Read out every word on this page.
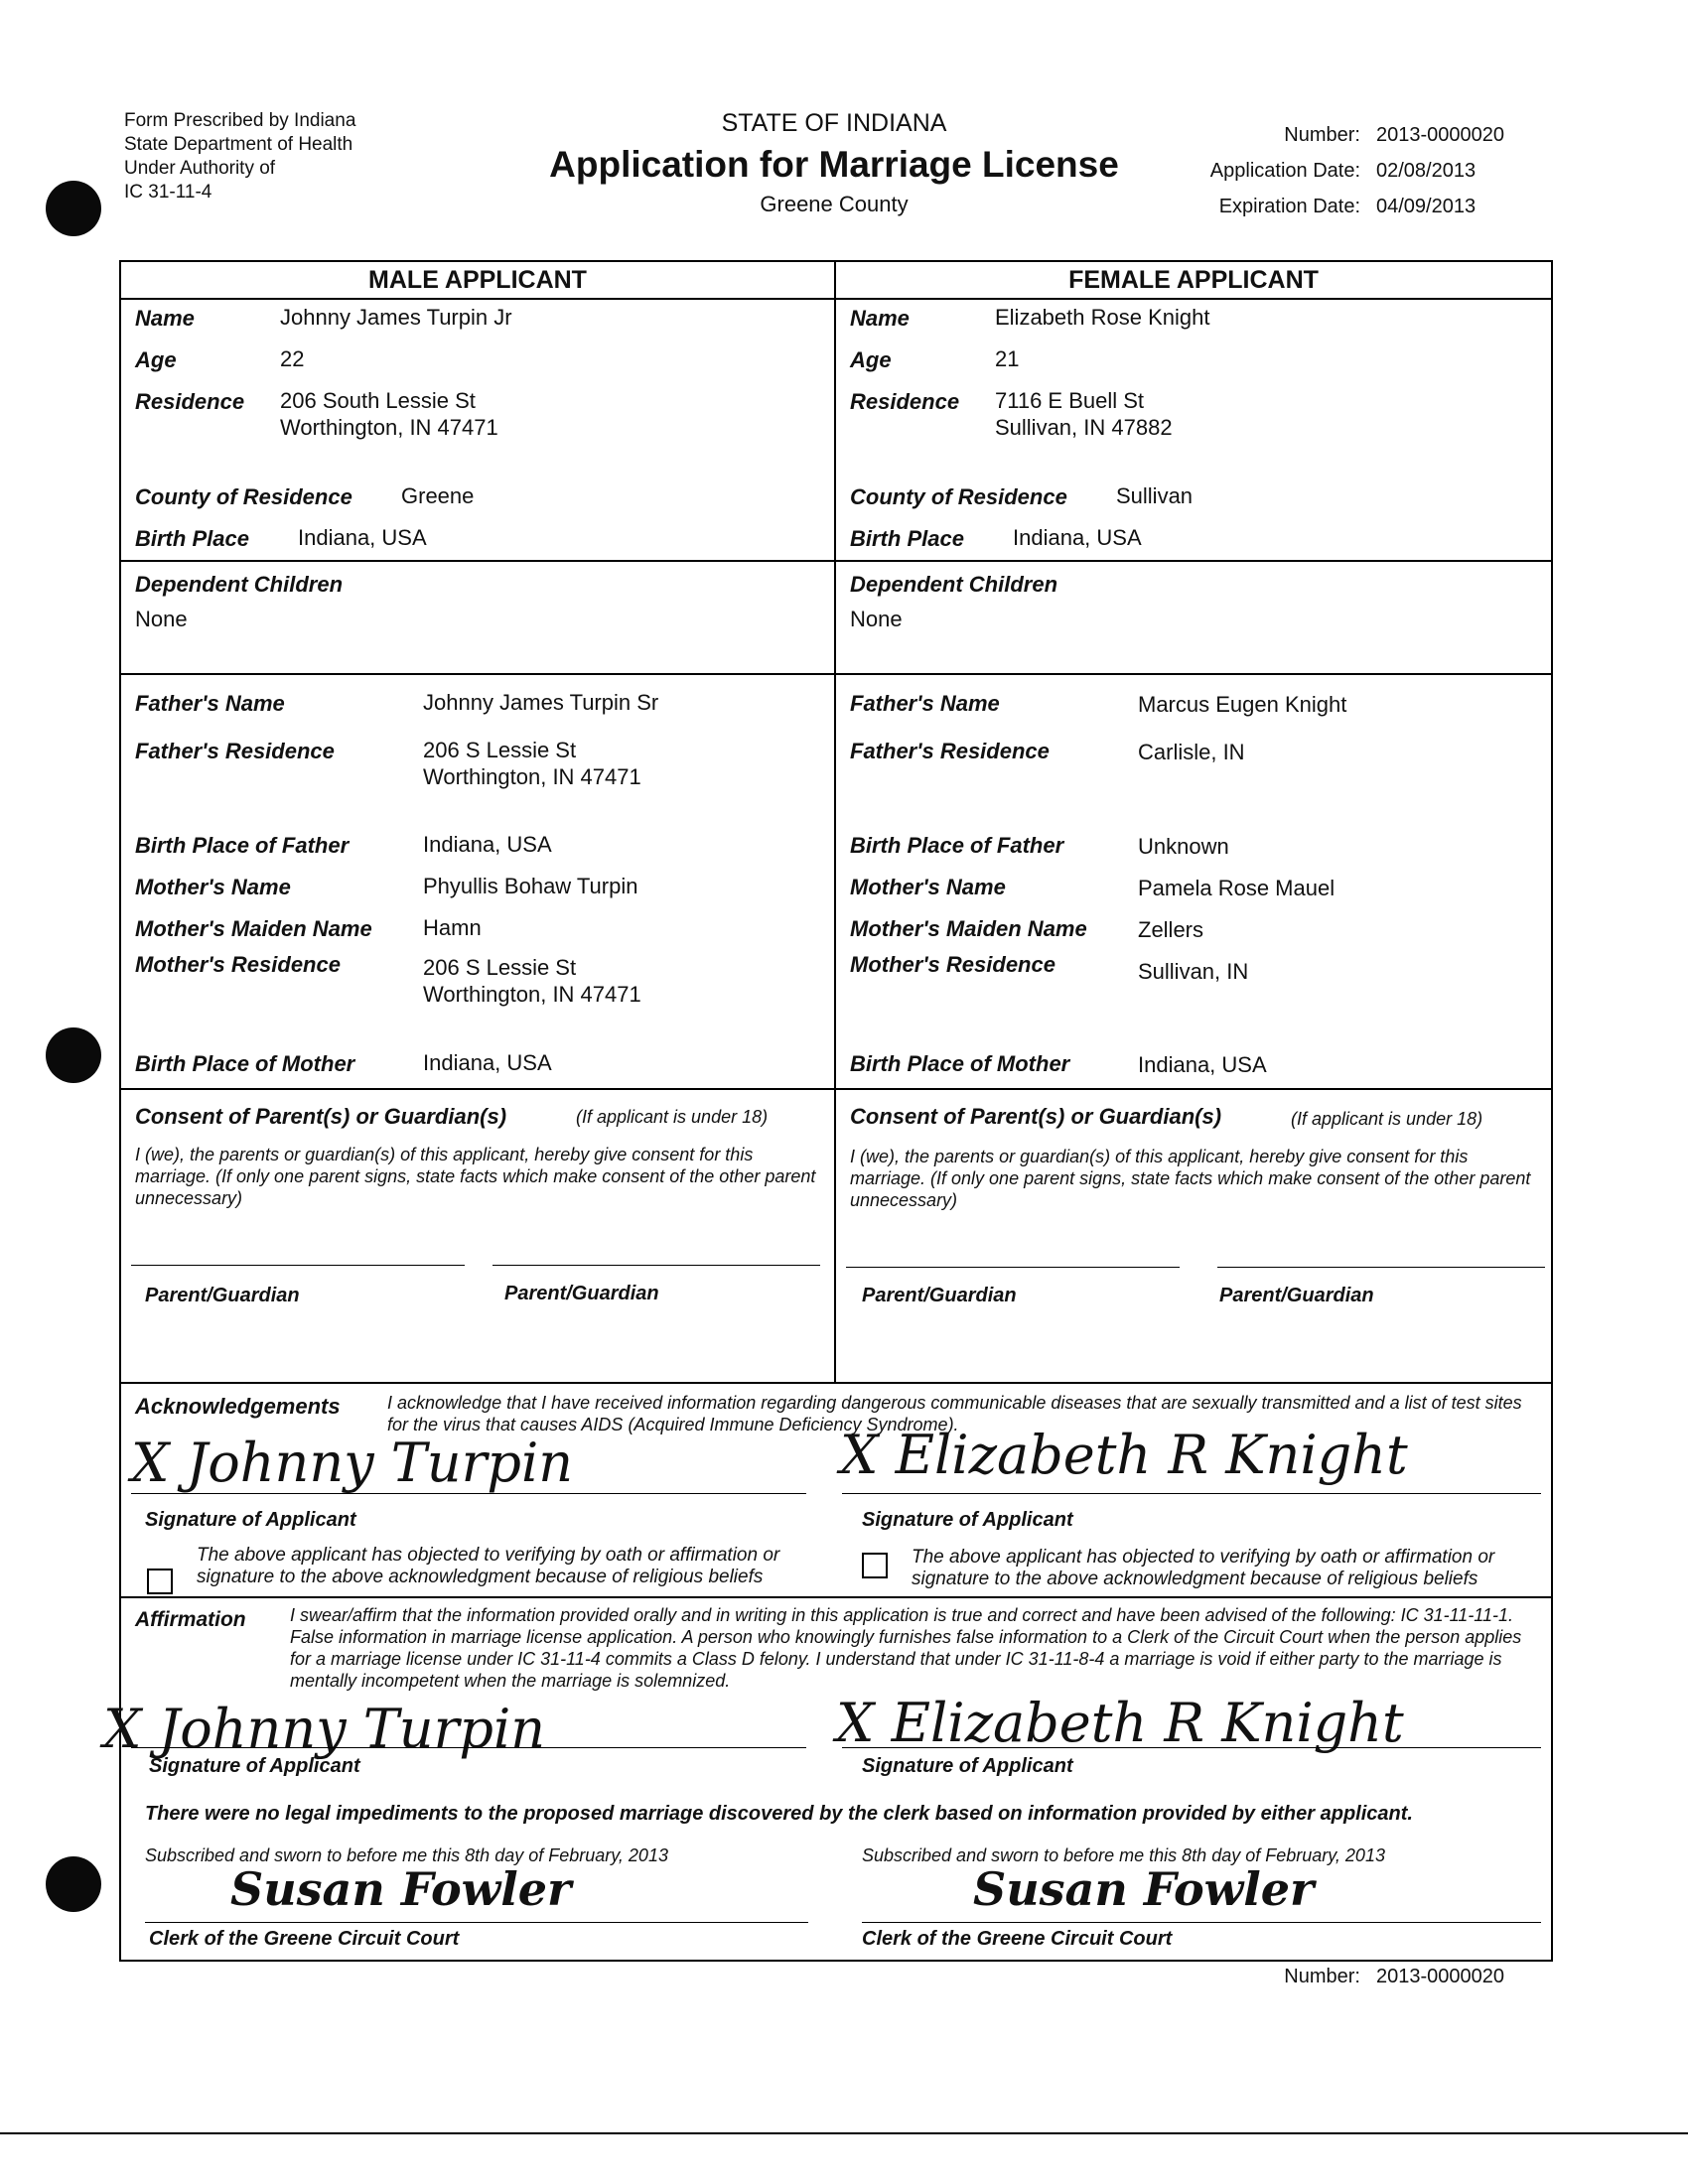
Form Prescribed by Indiana
State Department of Health
Under Authority of
IC 31-11-4
STATE OF INDIANA
Application for Marriage License
Greene County
Number: 2013-0000020
Application Date: 02/08/2013
Expiration Date: 04/09/2013
MALE APPLICANT	FEMALE APPLICANT
Name	Johnny James Turpin Jr
Age	22
Residence 206 South Lessie St
Worthington, IN 47471
County of Residence Greene
Birth Place Indiana, USA
Dependent Children
None
Father's Name	Johnny James Turpin Sr
Father's Residence	206 S Lessie St
Worthington, IN 47471
Birth Place of Father	Indiana, USA
Mother's Name	Phyullis Bohaw Turpin
Mother's Maiden Name Hamn
Mother's Residence	206 S Lessie St
Worthington, IN 47471
Birth Place of Mother	Indiana, USA
Name	Elizabeth Rose Knight
Age	21
Residence 7116 E Buell St
Sullivan, IN 47882
County of Residence Sullivan
Birth Place Indiana, USA
Dependent Children
None
Father's Name	Marcus Eugen Knight
Father's Residence	Carlisle, IN
Birth Place of Father	Unknown
Mother's Name	Pamela Rose Mauel
Mother's Maiden Name Zellers
Mother's Residence	Sullivan, IN
Birth Place of Mother	Indiana, USA
Consent of Parent(s) or Guardian(s)	(If applicant is under 18)
I (we), the parents or guardian(s) of this applicant, hereby give consent for this marriage. (If only one parent signs, state facts which make consent of the other parent unnecessary)
Parent/Guardian	Parent/Guardian
Consent of Parent(s) or Guardian(s)	(If applicant is under 18)
I (we), the parents or guardian(s) of this applicant, hereby give consent for this marriage. (If only one parent signs, state facts which make consent of the other parent unnecessary)
Parent/Guardian	Parent/Guardian
Acknowledgements	I acknowledge that I have received information regarding dangerous communicable diseases that are sexually transmitted and a list of test sites for the virus that causes AIDS (Acquired Immune Deficiency Syndrome).
X Johnny Turpin	X Elizabeth R Knight
Signature of Applicant	Signature of Applicant
The above applicant has objected to verifying by oath or affirmation or signature to the above acknowledgment because of religious beliefs
The above applicant has objected to verifying by oath or affirmation or signature to the above acknowledgment because of religious beliefs
Affirmation I swear/affirm that the information provided orally and in writing in this application is true and correct and have been advised of the following: IC 31-11-11-1. False information in marriage license application. A person who knowingly furnishes false information to a Clerk of the Circuit Court when the person applies for a marriage license under IC 31-11-4 commits a Class D felony. I understand that under IC 31-11-8-4 a marriage is void if either party to the marriage is mentally incompetent when the marriage is solemnized.
X Johnny Turpin	X Elizabeth R Knight
Signature of Applicant	Signature of Applicant
There were no legal impediments to the proposed marriage discovered by the clerk based on information provided by either applicant.
Subscribed and sworn to before me this 8th day of February, 2013	Subscribed and sworn to before me this 8th day of February, 2013
Susan Fowler	Susan Fowler
Clerk of the Greene Circuit Court	Clerk of the Greene Circuit Court
Number: 2013-0000020
